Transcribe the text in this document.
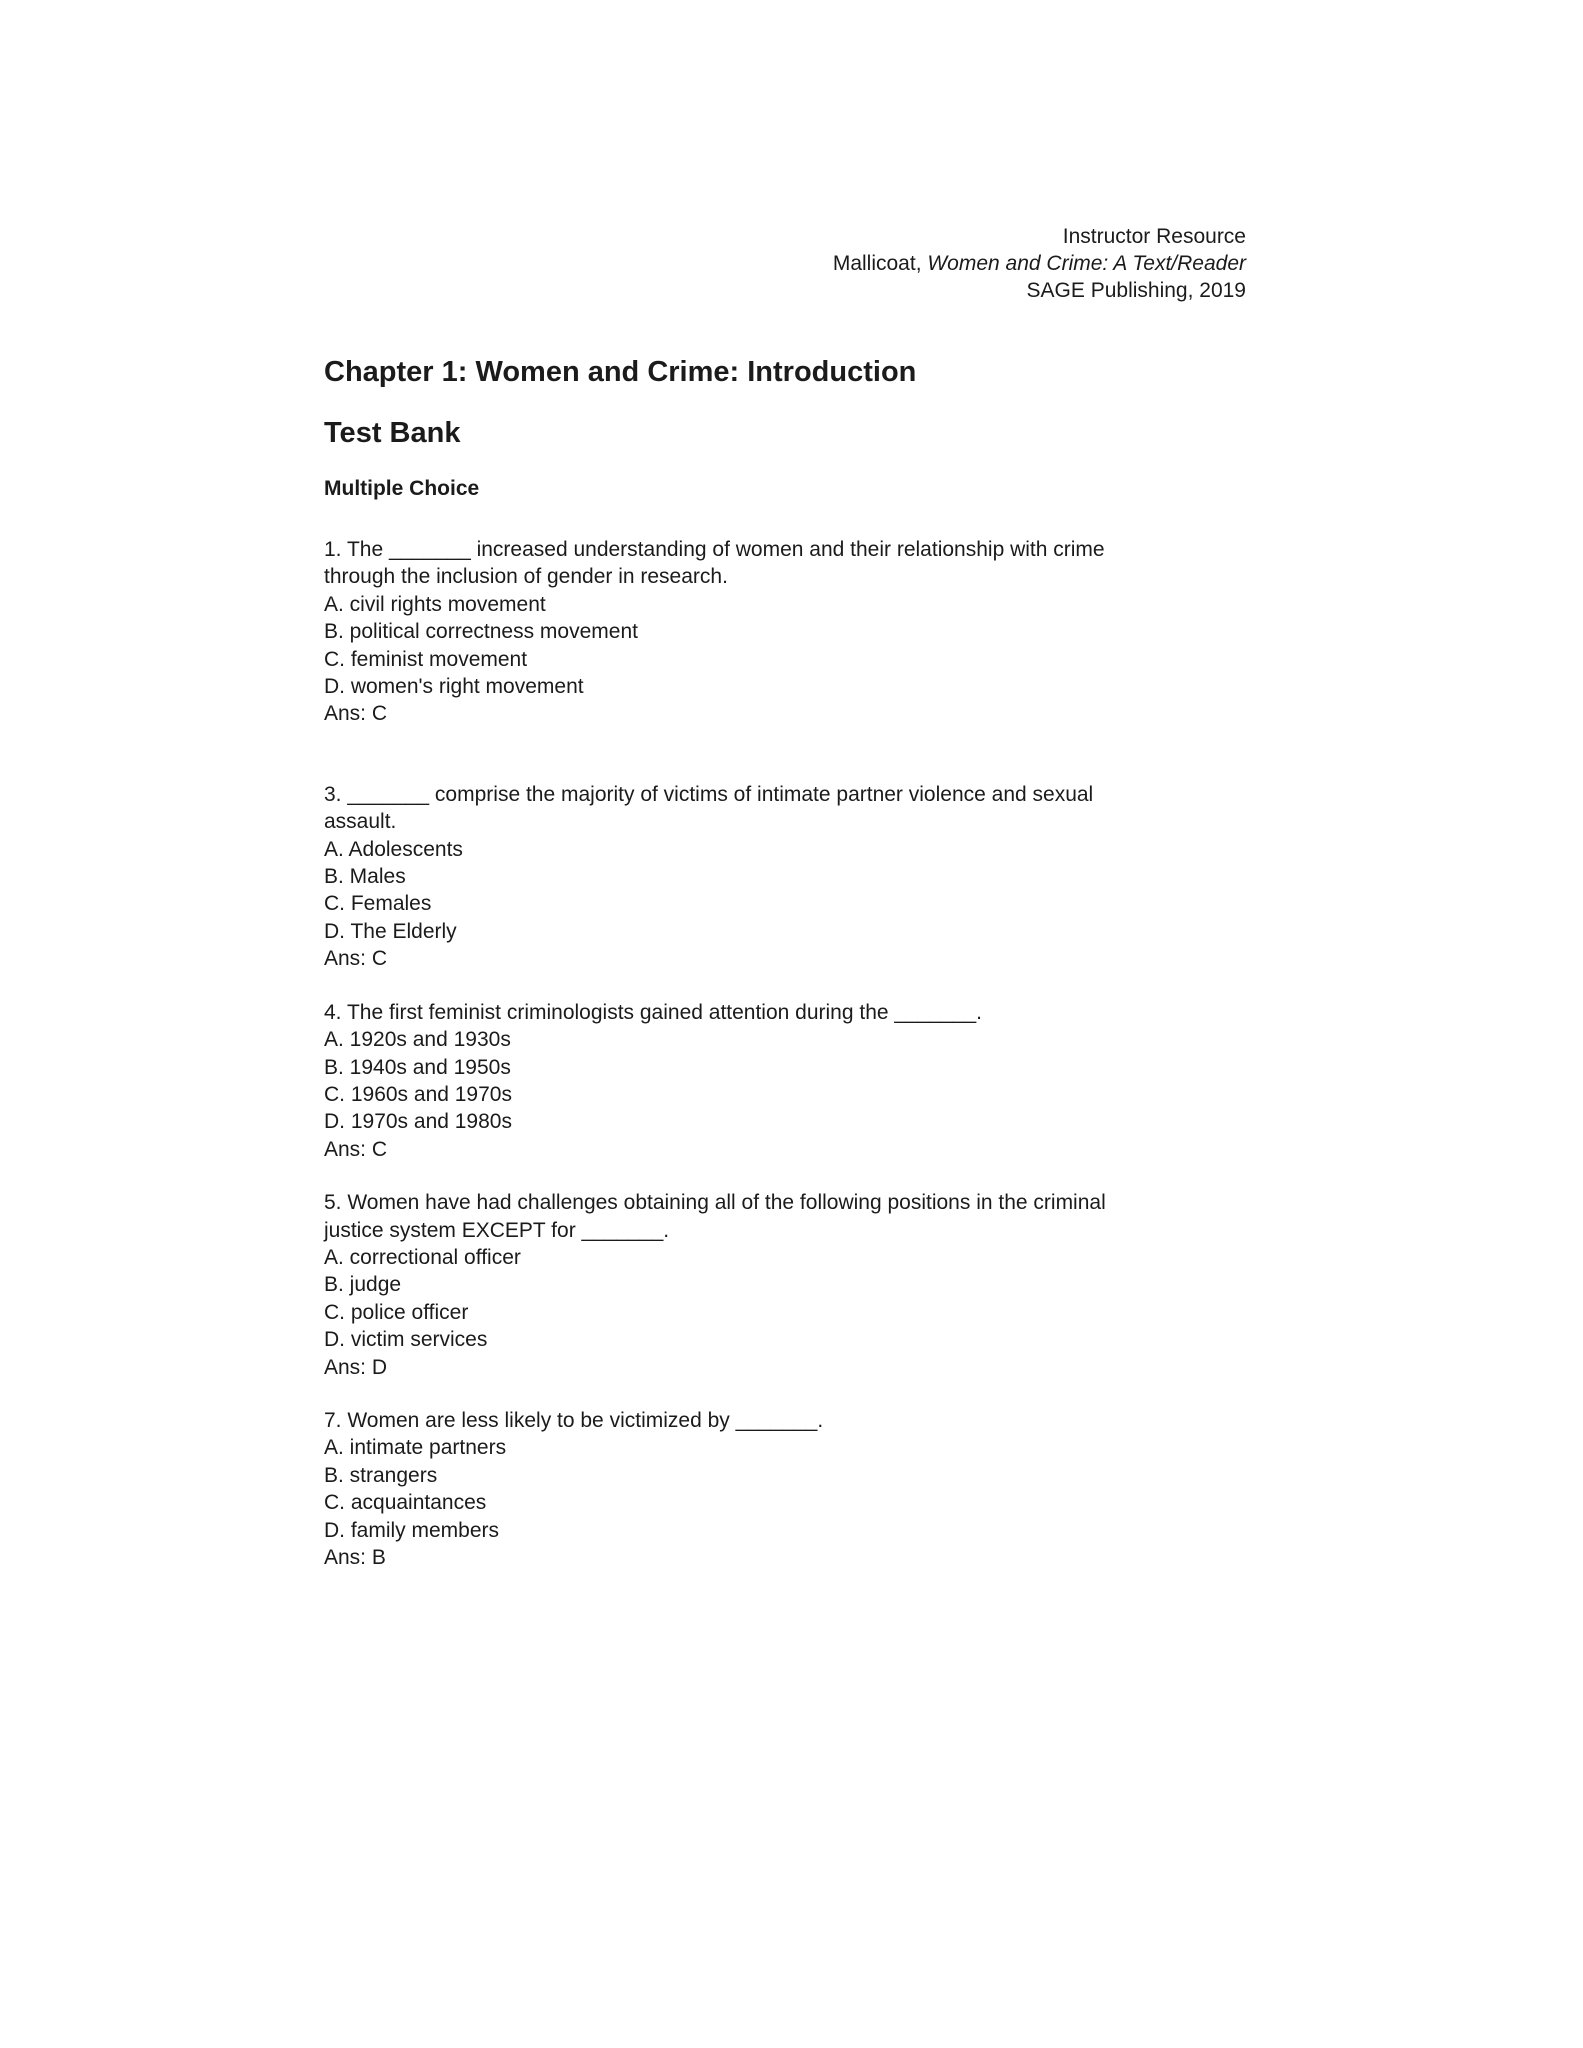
Instructor Resource
Mallicoat, Women and Crime: A Text/Reader
SAGE Publishing, 2019
Chapter 1: Women and Crime: Introduction
Test Bank
Multiple Choice
1. The _______ increased understanding of women and their relationship with crime
through the inclusion of gender in research.
A. civil rights movement
B. political correctness movement
C. feminist movement
D. women's right movement
Ans: C
3. _______ comprise the majority of victims of intimate partner violence and sexual
assault.
A. Adolescents
B. Males
C. Females
D. The Elderly
Ans: C
4. The first feminist criminologists gained attention during the _______.
A. 1920s and 1930s
B. 1940s and 1950s
C. 1960s and 1970s
D. 1970s and 1980s
Ans: C
5. Women have had challenges obtaining all of the following positions in the criminal
justice system EXCEPT for _______.
A. correctional officer
B. judge
C. police officer
D. victim services
Ans: D
7. Women are less likely to be victimized by _______.
A. intimate partners
B. strangers
C. acquaintances
D. family members
Ans: B
